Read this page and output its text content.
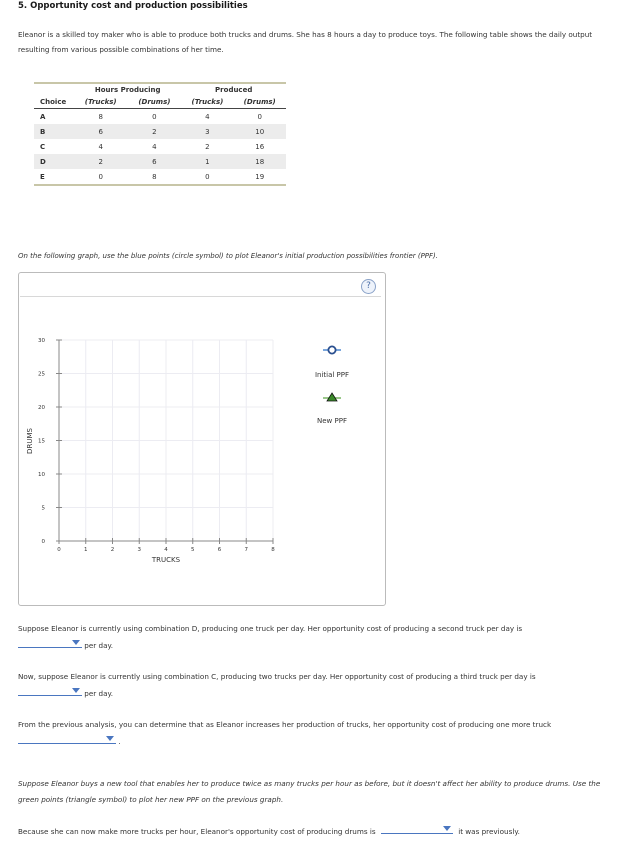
5. Opportunity cost and production possibilities
Eleanor is a skilled toy maker who is able to produce both trucks and drums. She has 8 hours a day to produce toys. The following table shows the daily output resulting from various possible combinations of her time.
	Hours Producing		Produced	
Choice	(Trucks)	(Drums)	(Trucks)	(Drums)
A	8	0	4	0
B	6	2	3	10
C	4	4	2	16
D	2	6	1	18
E	0	8	0	19
On the following graph, use the blue points (circle symbol) to plot Eleanor's initial production possibilities frontier (PPF).
?
0	1	2	3	4	5	6	7	8
0
5
10
15
20
25
30
TRUCKS
DRUMS
Initial PPF
New PPF
Suppose Eleanor is currently using combination D, producing one truck per day. Her opportunity cost of producing a second truck per day is

per day.
Now, suppose Eleanor is currently using combination C, producing two trucks per day. Her opportunity cost of producing a third truck per day is

per day.
From the previous analysis, you can determine that as Eleanor increases her production of trucks, her opportunity cost of producing one more truck

.
Suppose Eleanor buys a new tool that enables her to produce twice as many trucks per hour as before, but it doesn't affect her ability to produce drums. Use the green points (triangle symbol) to plot her new PPF on the previous graph.
Because she can now make more trucks per hour, Eleanor's opportunity cost of producing drums is	it was previously.
